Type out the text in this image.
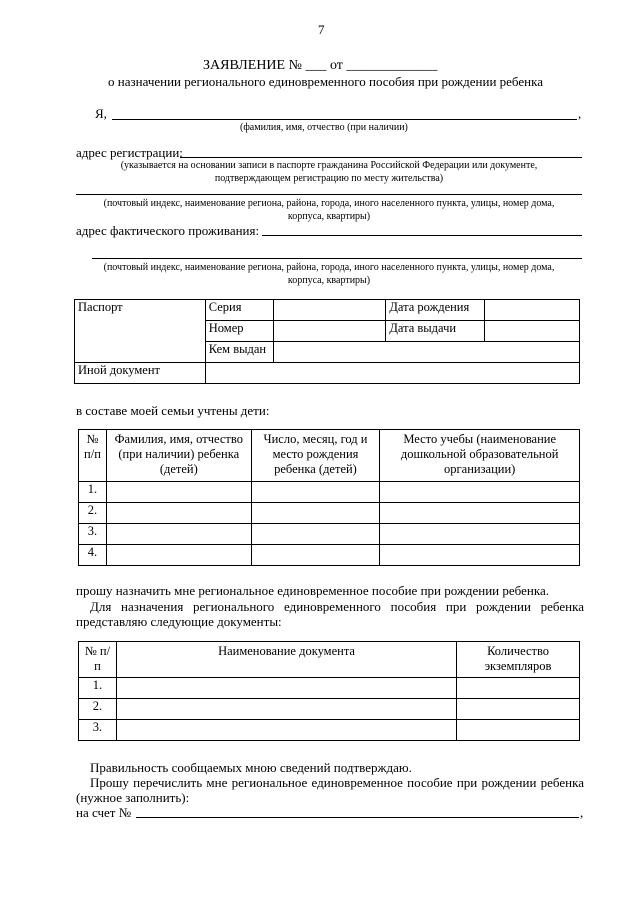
7
ЗАЯВЛЕНИЕ № ___ от _____________
о назначении регионального единовременного пособия при рождении ребенка
Я,	,
(фамилия, имя, отчество (при наличии)
адрес регистрации:
(указывается на основании записи в паспорте гражданина Российской Федерации или документе,
подтверждающем регистрацию по месту жительства)
(почтовый индекс, наименование региона, района, города, иного населенного пункта, улицы, номер дома,
корпуса, квартиры)
адрес фактического проживания:
(почтовый индекс, наименование региона, района, города, иного населенного пункта, улицы, номер дома,
корпуса, квартиры)
Паспорт	Серия		Дата рождения	
	Номер		Дата выдачи	
	Кем выдан			
Иной документ				
в составе моей семьи учтены дети:
№ п/п	Фамилия, имя, отчество (при наличии) ребенка (детей)	Число, месяц, год и место рождения ребенка (детей)	Место учебы (наименование дошкольной образовательной организации)
1.			
2.			
3.			
4.			
прошу назначить мне региональное единовременное пособие при рождении ребенка.
Для назначения регионального единовременного пособия при рождении ребенка представляю следующие документы:
№ п/п	Наименование документа	Количество экземпляров
1.		
2.		
3.		
Правильность сообщаемых мною сведений подтверждаю.
Прошу перечислить мне региональное единовременное пособие при рождении ребенка (нужное заполнить):
на счет №	,
